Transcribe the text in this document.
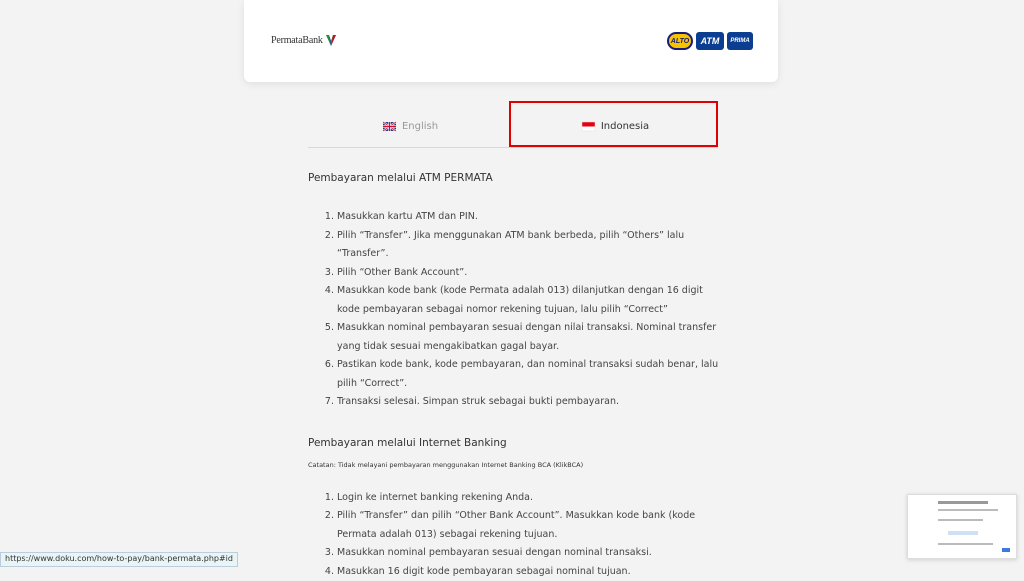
PermataBank	ALTO	ATM	PRIMA
English	Indonesia
Pembayaran melalui ATM PERMATA
1. Masukkan kartu ATM dan PIN.
2. Pilih “Transfer”. Jika menggunakan ATM bank berbeda, pilih “Others” lalu “Transfer”.
3. Pilih “Other Bank Account”.
4. Masukkan kode bank (kode Permata adalah 013) dilanjutkan dengan 16 digit kode pembayaran sebagai nomor rekening tujuan, lalu pilih “Correct”
5. Masukkan nominal pembayaran sesuai dengan nilai transaksi. Nominal transfer yang tidak sesuai mengakibatkan gagal bayar.
6. Pastikan kode bank, kode pembayaran, dan nominal transaksi sudah benar, lalu pilih “Correct”.
7. Transaksi selesai. Simpan struk sebagai bukti pembayaran.
Pembayaran melalui Internet Banking
Catatan: Tidak melayani pembayaran menggunakan Internet Banking BCA (KlikBCA)
1. Login ke internet banking rekening Anda.
2. Pilih “Transfer” dan pilih “Other Bank Account”. Masukkan kode bank (kode Permata adalah 013) sebagai rekening tujuan.
3. Masukkan nominal pembayaran sesuai dengan nominal transaksi.
4. Masukkan 16 digit kode pembayaran sebagai nominal tujuan.
https://www.doku.com/how-to-pay/bank-permata.php#id
